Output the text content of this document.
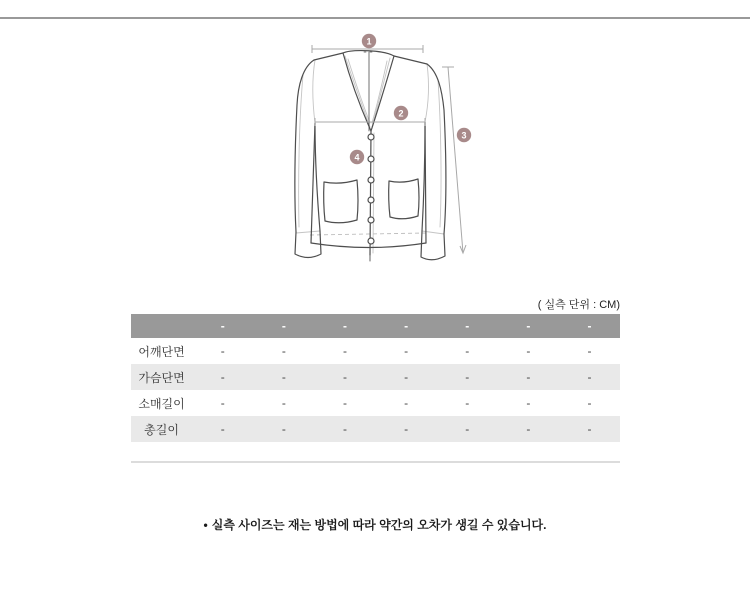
1
2
3
4
( 실측 단위 : CM)
	-	-	-	-	-	-	-
어깨단면	-	-	-	-	-	-	-
가슴단면	-	-	-	-	-	-	-
소매길이	-	-	-	-	-	-	-
총길이	-	-	-	-	-	-	-

• 실측 사이즈는 재는 방법에 따라 약간의 오차가 생길 수 있습니다.
